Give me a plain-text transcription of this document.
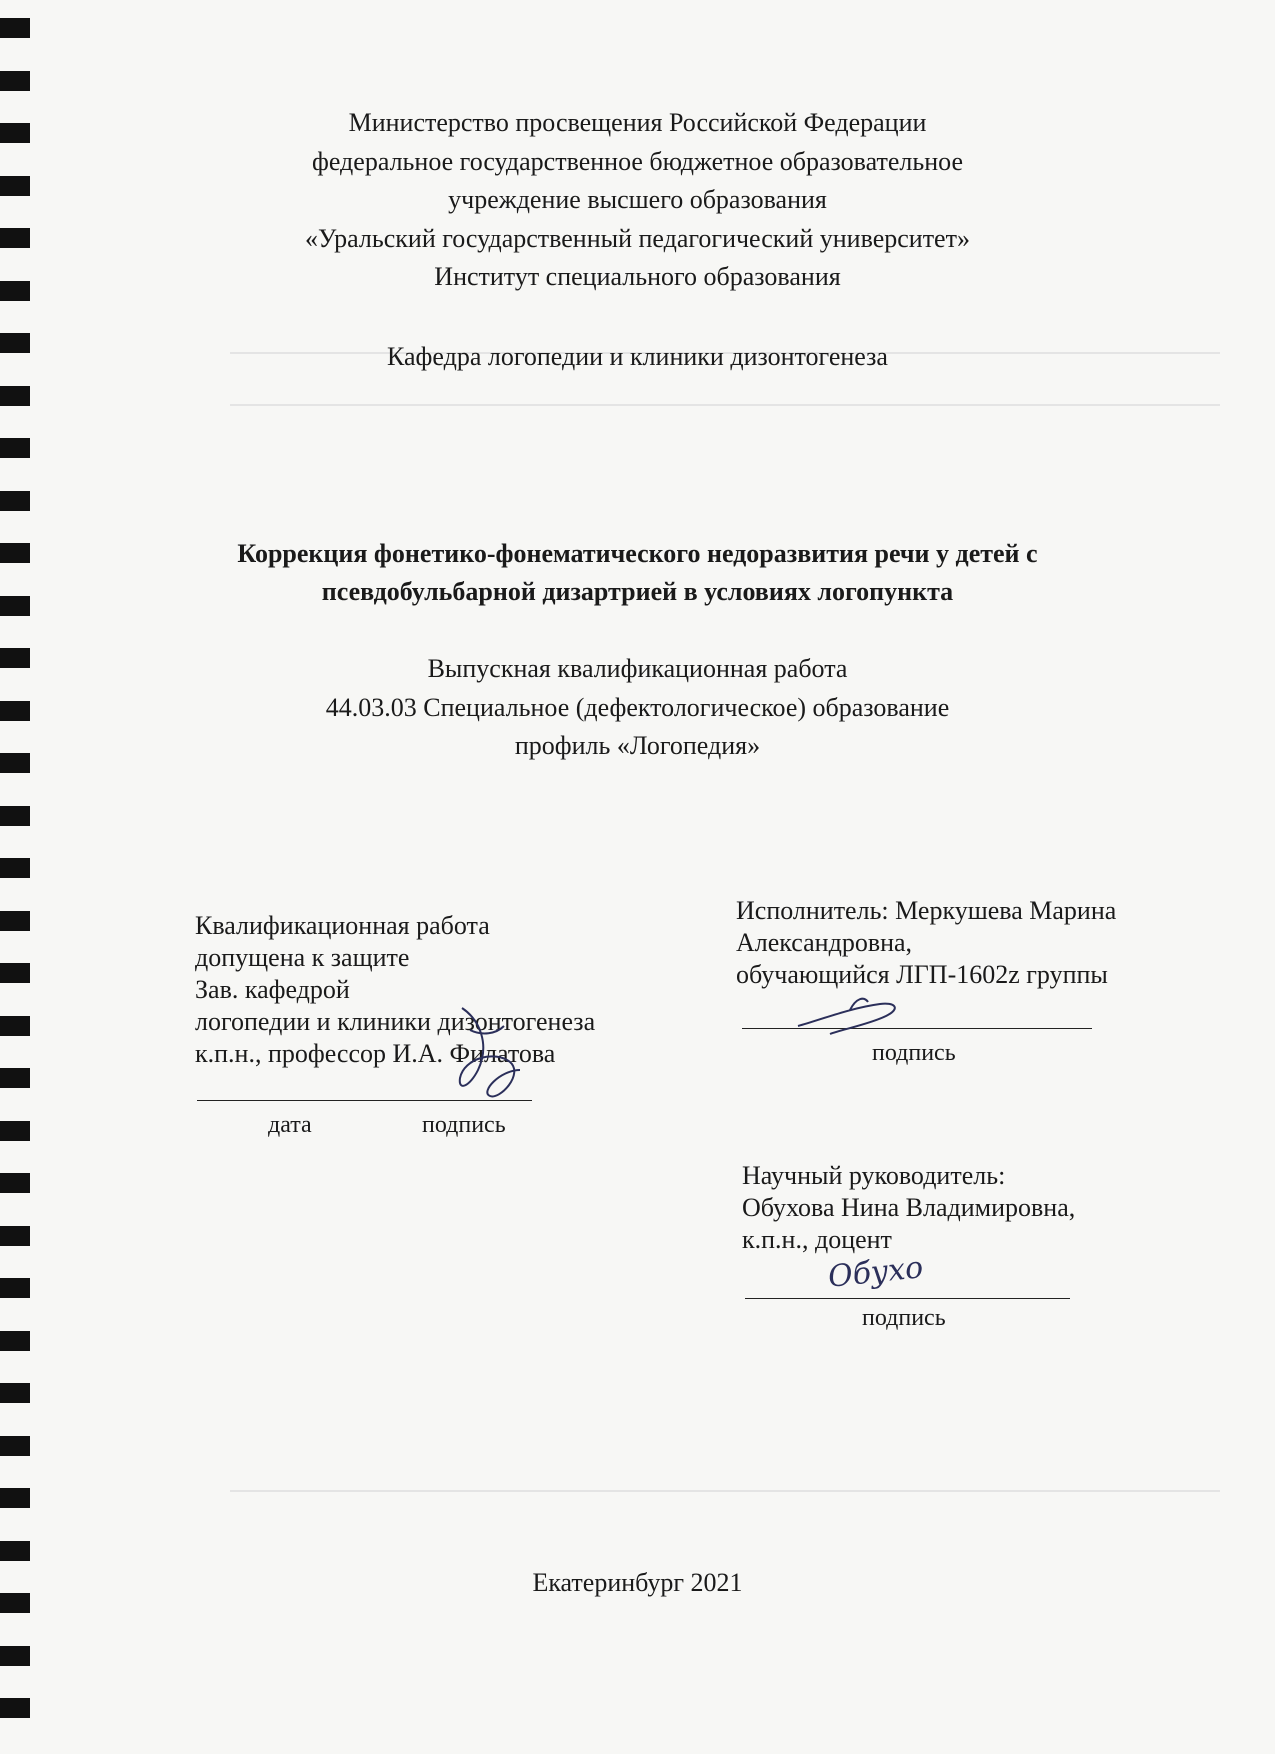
Министерство просвещения Российской Федерации
федеральное государственное бюджетное образовательное
учреждение высшего образования
«Уральский государственный педагогический университет»
Институт специального образования
Кафедра логопедии и клиники дизонтогенеза
Коррекция фонетико-фонематического недоразвития речи у детей с
псевдобульбарной дизартрией в условиях логопункта
Выпускная квалификационная работа
44.03.03 Специальное (дефектологическое) образование
профиль «Логопедия»
Квалификационная работа
допущена к защите
Зав. кафедрой
логопедии и клиники дизонтогенеза
к.п.н., профессор И.А. Филатова
дата	подпись
Исполнитель: Меркушева Марина
Александровна,
обучающийся ЛГП-1602z группы
подпись
Научный руководитель:
Обухова Нина Владимировна,
к.п.н., доцент
подпись
Обухо
Екатеринбург 2021
